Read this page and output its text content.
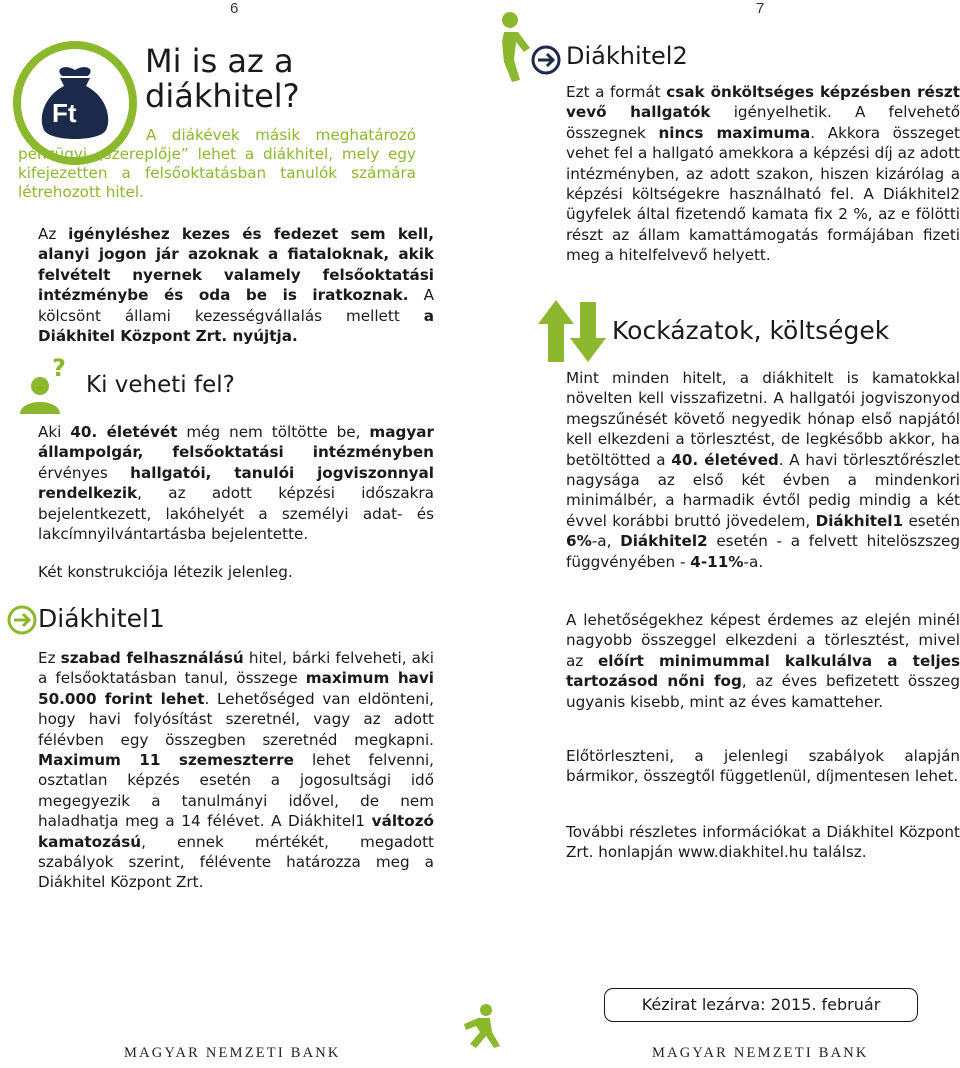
6	7
Ft
Mi is az a diákhitel?
A diákévek másik meghatározó pénzügyi „szereplője” lehet a diákhitel, mely egy kifejezetten a felsőoktatásban tanulók számára létrehozott hitel.

Az igényléshez kezes és fedezet sem kell, alanyi jogon jár azoknak a fiataloknak, akik felvételt nyernek valamely felsőoktatási intézménybe és oda be is iratkoznak. A kölcsönt állami kezességvállalás mellett a Diákhitel Központ Zrt. nyújtja.

?
Ki veheti fel?

Aki 40. életévét még nem töltötte be, magyar állampolgár, felsőoktatási intézményben érvényes hallgatói, tanulói jogviszonnyal rendelkezik, az adott képzési időszakra bejelentkezett, lakóhelyét a személyi adat- és lakcímnyilvántartásba bejelentette.

Két konstrukciója létezik jelenleg.

Diákhitel1

Ez szabad felhasználású hitel, bárki felveheti, aki a felsőoktatásban tanul, összege maximum havi 50.000 forint lehet. Lehetőséged van eldönteni, hogy havi folyósítást szeretnél, vagy az adott félévben egy összegben szeretnéd megkapni. Maximum 11 szemeszterre lehet felvenni, osztatlan képzés esetén a jogosultsági idő megegyezik a tanulmányi idővel, de nem haladhatja meg a 14 félévet. A Diákhitel1 változó kamatozású, ennek mértékét, megadott szabályok szerint, félévente határozza meg a Diákhitel Központ Zrt.

MAGYAR NEMZETI BANK
Diákhitel2

Ezt a formát csak önköltséges képzésben részt vevő hallgatók igényelhetik. A felvehető összegnek nincs maximuma. Akkora összeget vehet fel a hallgató amekkora a képzési díj az adott intézményben, az adott szakon, hiszen kizárólag a képzési költségekre használható fel. A Diákhitel2 ügyfelek által fizetendő kamata fix 2 %, az e fölötti részt az állam kamattámogatás formájában fizeti meg a hitelfelvevő helyett.

Kockázatok, költségek

Mint minden hitelt, a diákhitelt is kamatokkal növelten kell visszafizetni. A hallgatói jogviszonyod megszűnését követő negyedik hónap első napjától kell elkezdeni a törlesztést, de legkésőbb akkor, ha betöltötted a 40. életéved. A havi törlesztőrészlet nagysága az első két évben a mindenkori minimálbér, a harmadik évtől pedig mindig a két évvel korábbi bruttó jövedelem, Diákhitel1 esetén 6%-a, Diákhitel2 esetén - a felvett hitelöszszeg függvényében - 4-11%-a.

A lehetőségekhez képest érdemes az elején minél nagyobb összeggel elkezdeni a törlesztést, mivel az előírt minimummal kalkulálva a teljes tartozásod nőni fog, az éves befizetett összeg ugyanis kisebb, mint az éves kamatteher.

Előtörleszteni, a jelenlegi szabályok alapján bármikor, összegtől függetlenül, díjmentesen lehet.

További részletes információkat a Diákhitel Központ Zrt. honlapján www.diakhitel.hu találsz.

Kézirat lezárva: 2015. február
MAGYAR NEMZETI BANK
